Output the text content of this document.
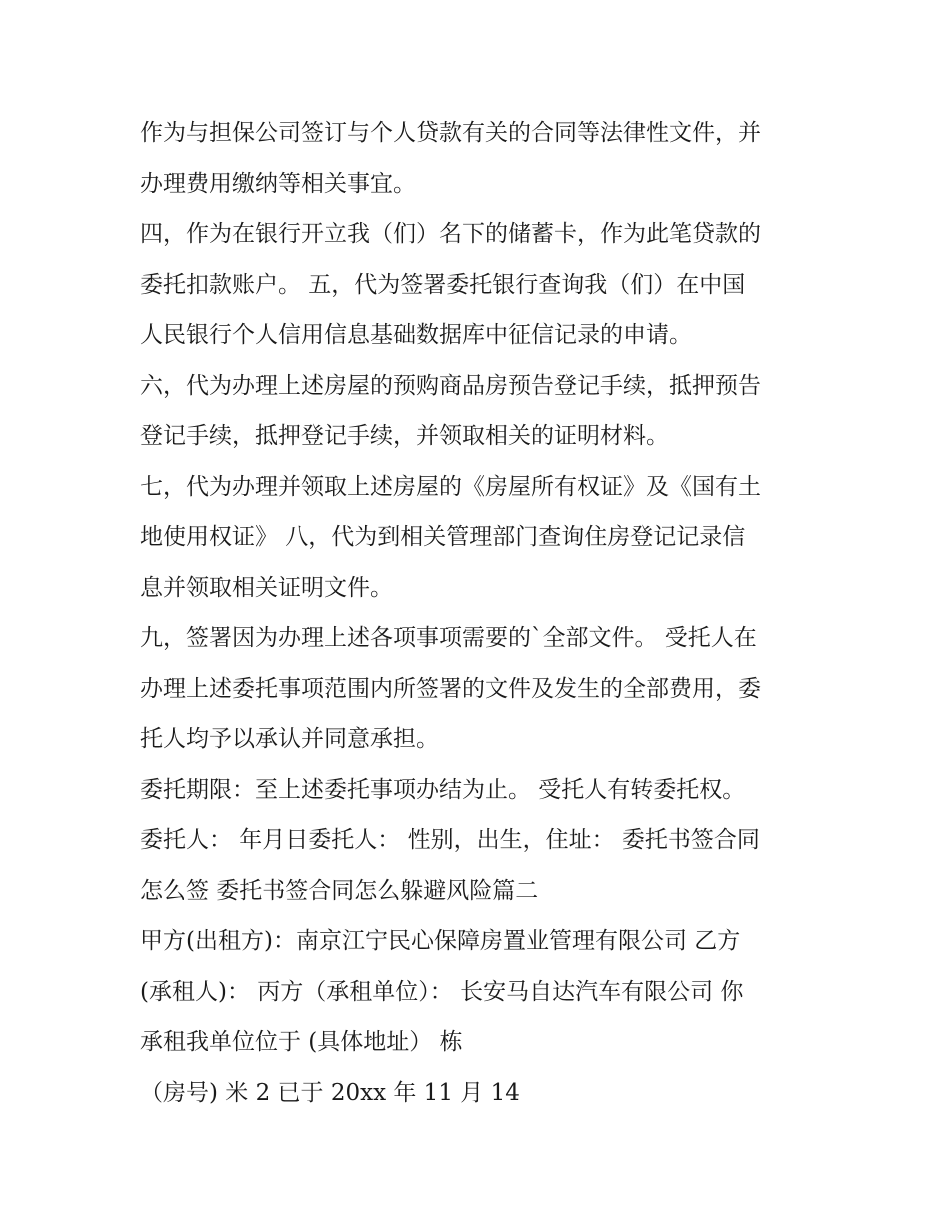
作为与担保公司签订与个人贷款有关的合同等法律性文件，并
办理费用缴纳等相关事宜。
四，作为在银行开立我（们）名下的储蓄卡，作为此笔贷款的
委托扣款账户。 五，代为签署委托银行查询我（们）在中国
人民银行个人信用信息基础数据库中征信记录的申请。
六，代为办理上述房屋的预购商品房预告登记手续，抵押预告
登记手续，抵押登记手续，并领取相关的证明材料。
七，代为办理并领取上述房屋的《房屋所有权证》及《国有土
地使用权证》 八，代为到相关管理部门查询住房登记记录信
息并领取相关证明文件。
九，签署因为办理上述各项事项需要的`全部文件。 受托人在
办理上述委托事项范围内所签署的文件及发生的全部费用，委
托人均予以承认并同意承担。
委托期限：至上述委托事项办结为止。 受托人有转委托权。
委托人： 年月日委托人： 性别，出生，住址： 委托书签合同
怎么签 委托书签合同怎么躲避风险篇二
甲方(出租方)：南京江宁民心保障房置业管理有限公司 乙方
(承租人)： 丙方（承租单位）： 长安马自达汽车有限公司 你
承租我单位位于 (具体地址） 栋
（房号) 米 2 已于 20xx 年 11 月 14
